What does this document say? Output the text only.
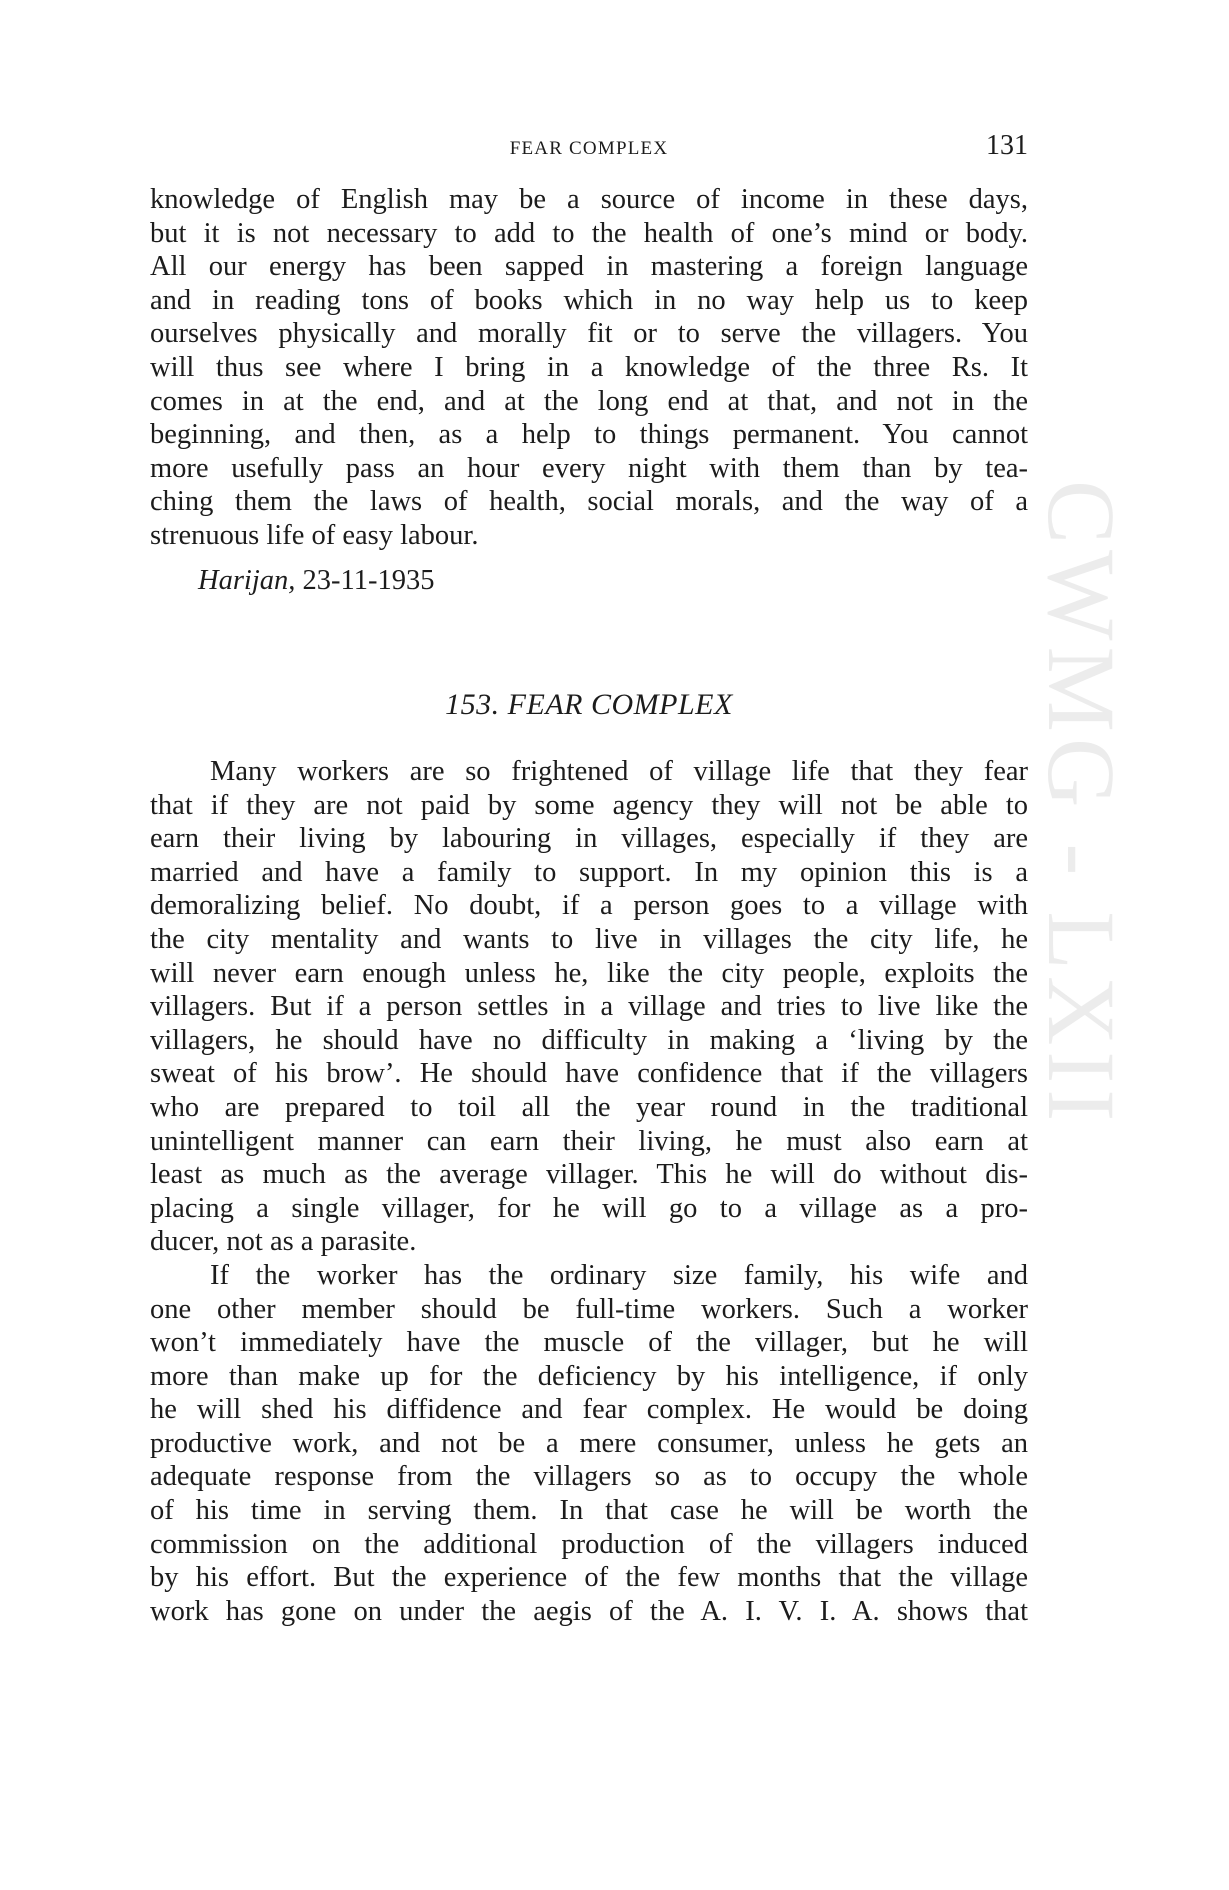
CWMG - LXII
FEAR COMPLEX	131
knowledge of English may be a source of income in these days,
but it is not necessary to add to the health of one’s mind or body.
All our energy has been sapped in mastering a foreign language
and in reading tons of books which in no way help us to keep
ourselves physically and morally fit or to serve the villagers. You
will thus see where I bring in a knowledge of the three Rs. It
comes in at the end, and at the long end at that, and not in the
beginning, and then, as a help to things permanent. You cannot
more usefully pass an hour every night with them than by tea-
ching them the laws of health, social morals, and the way of a
strenuous life of easy labour.
Harijan, 23-11-1935
153. FEAR COMPLEX
Many workers are so frightened of village life that they fear
that if they are not paid by some agency they will not be able to
earn their living by labouring in villages, especially if they are
married and have a family to support. In my opinion this is a
demoralizing belief. No doubt, if a person goes to a village with
the city mentality and wants to live in villages the city life, he
will never earn enough unless he, like the city people, exploits the
villagers. But if a person settles in a village and tries to live like the
villagers, he should have no difficulty in making a ‘living by the
sweat of his brow’. He should have confidence that if the villagers
who are prepared to toil all the year round in the traditional
unintelligent manner can earn their living, he must also earn at
least as much as the average villager. This he will do without dis-
placing a single villager, for he will go to a village as a pro-
ducer, not as a parasite.
If the worker has the ordinary size family, his wife and
one other member should be full-time workers. Such a worker
won’t immediately have the muscle of the villager, but he will
more than make up for the deficiency by his intelligence, if only
he will shed his diffidence and fear complex. He would be doing
productive work, and not be a mere consumer, unless he gets an
adequate response from the villagers so as to occupy the whole
of his time in serving them. In that case he will be worth the
commission on the additional production of the villagers induced
by his effort. But the experience of the few months that the village
work has gone on under the aegis of the A. I. V. I. A. shows that
